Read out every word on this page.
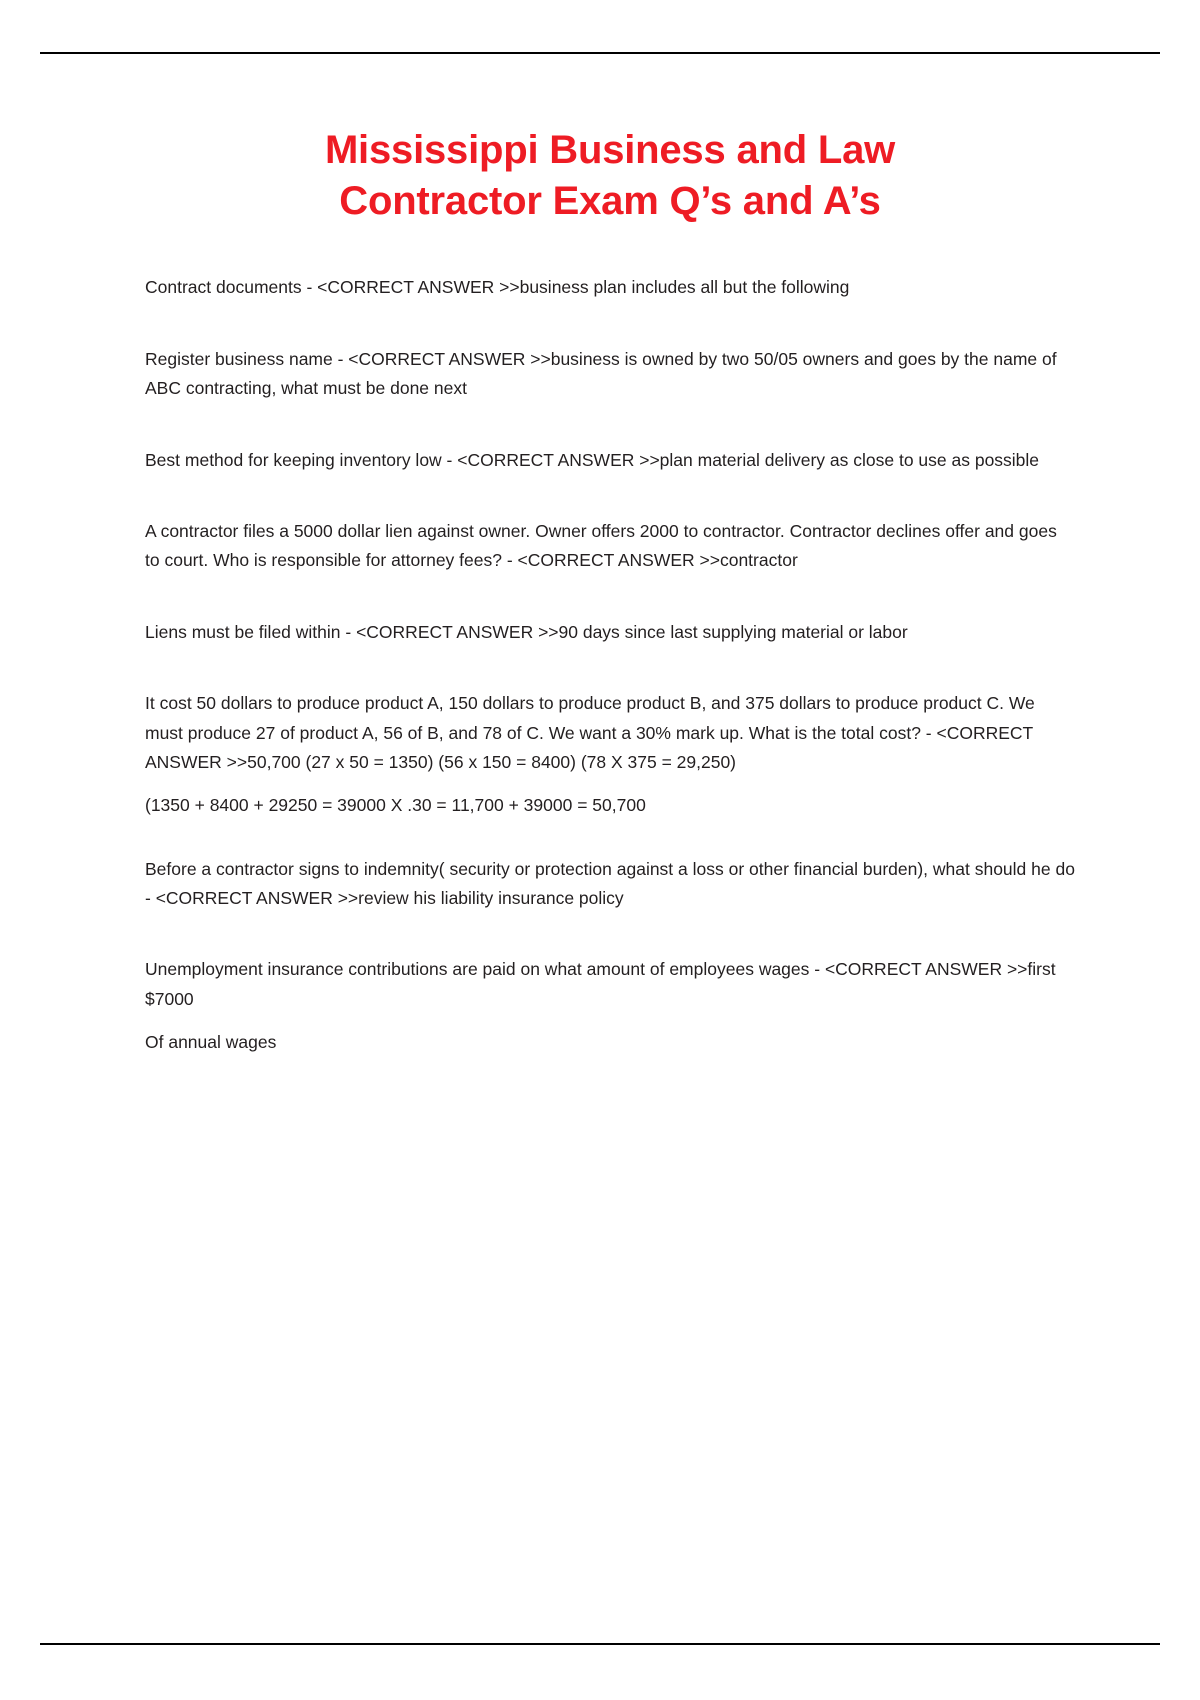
Mississippi Business and Law
Contractor Exam Q’s and A’s

Contract documents - <CORRECT ANSWER >>business plan includes all but the following

Register business name - <CORRECT ANSWER >>business is owned by two 50/05 owners and goes by the name of ABC contracting, what must be done next

Best method for keeping inventory low - <CORRECT ANSWER >>plan material delivery as close to use as possible

A contractor files a 5000 dollar lien against owner. Owner offers 2000 to contractor. Contractor declines offer and goes to court. Who is responsible for attorney fees? - <CORRECT ANSWER >>contractor

Liens must be filed within - <CORRECT ANSWER >>90 days since last supplying material or labor

It cost 50 dollars to produce product A, 150 dollars to produce product B, and 375 dollars to produce product C. We must produce 27 of product A, 56 of B, and 78 of C. We want a 30% mark up. What is the total cost? - <CORRECT ANSWER >>50,700 (27 x 50 = 1350) (56 x 150 = 8400) (78 X 375 = 29,250)

(1350 + 8400 + 29250 = 39000 X .30 = 11,700 + 39000 = 50,700

Before a contractor signs to indemnity( security or protection against a loss or other financial burden), what should he do - <CORRECT ANSWER >>review his liability insurance policy

Unemployment insurance contributions are paid on what amount of employees wages - <CORRECT ANSWER >>first $7000

Of annual wages
